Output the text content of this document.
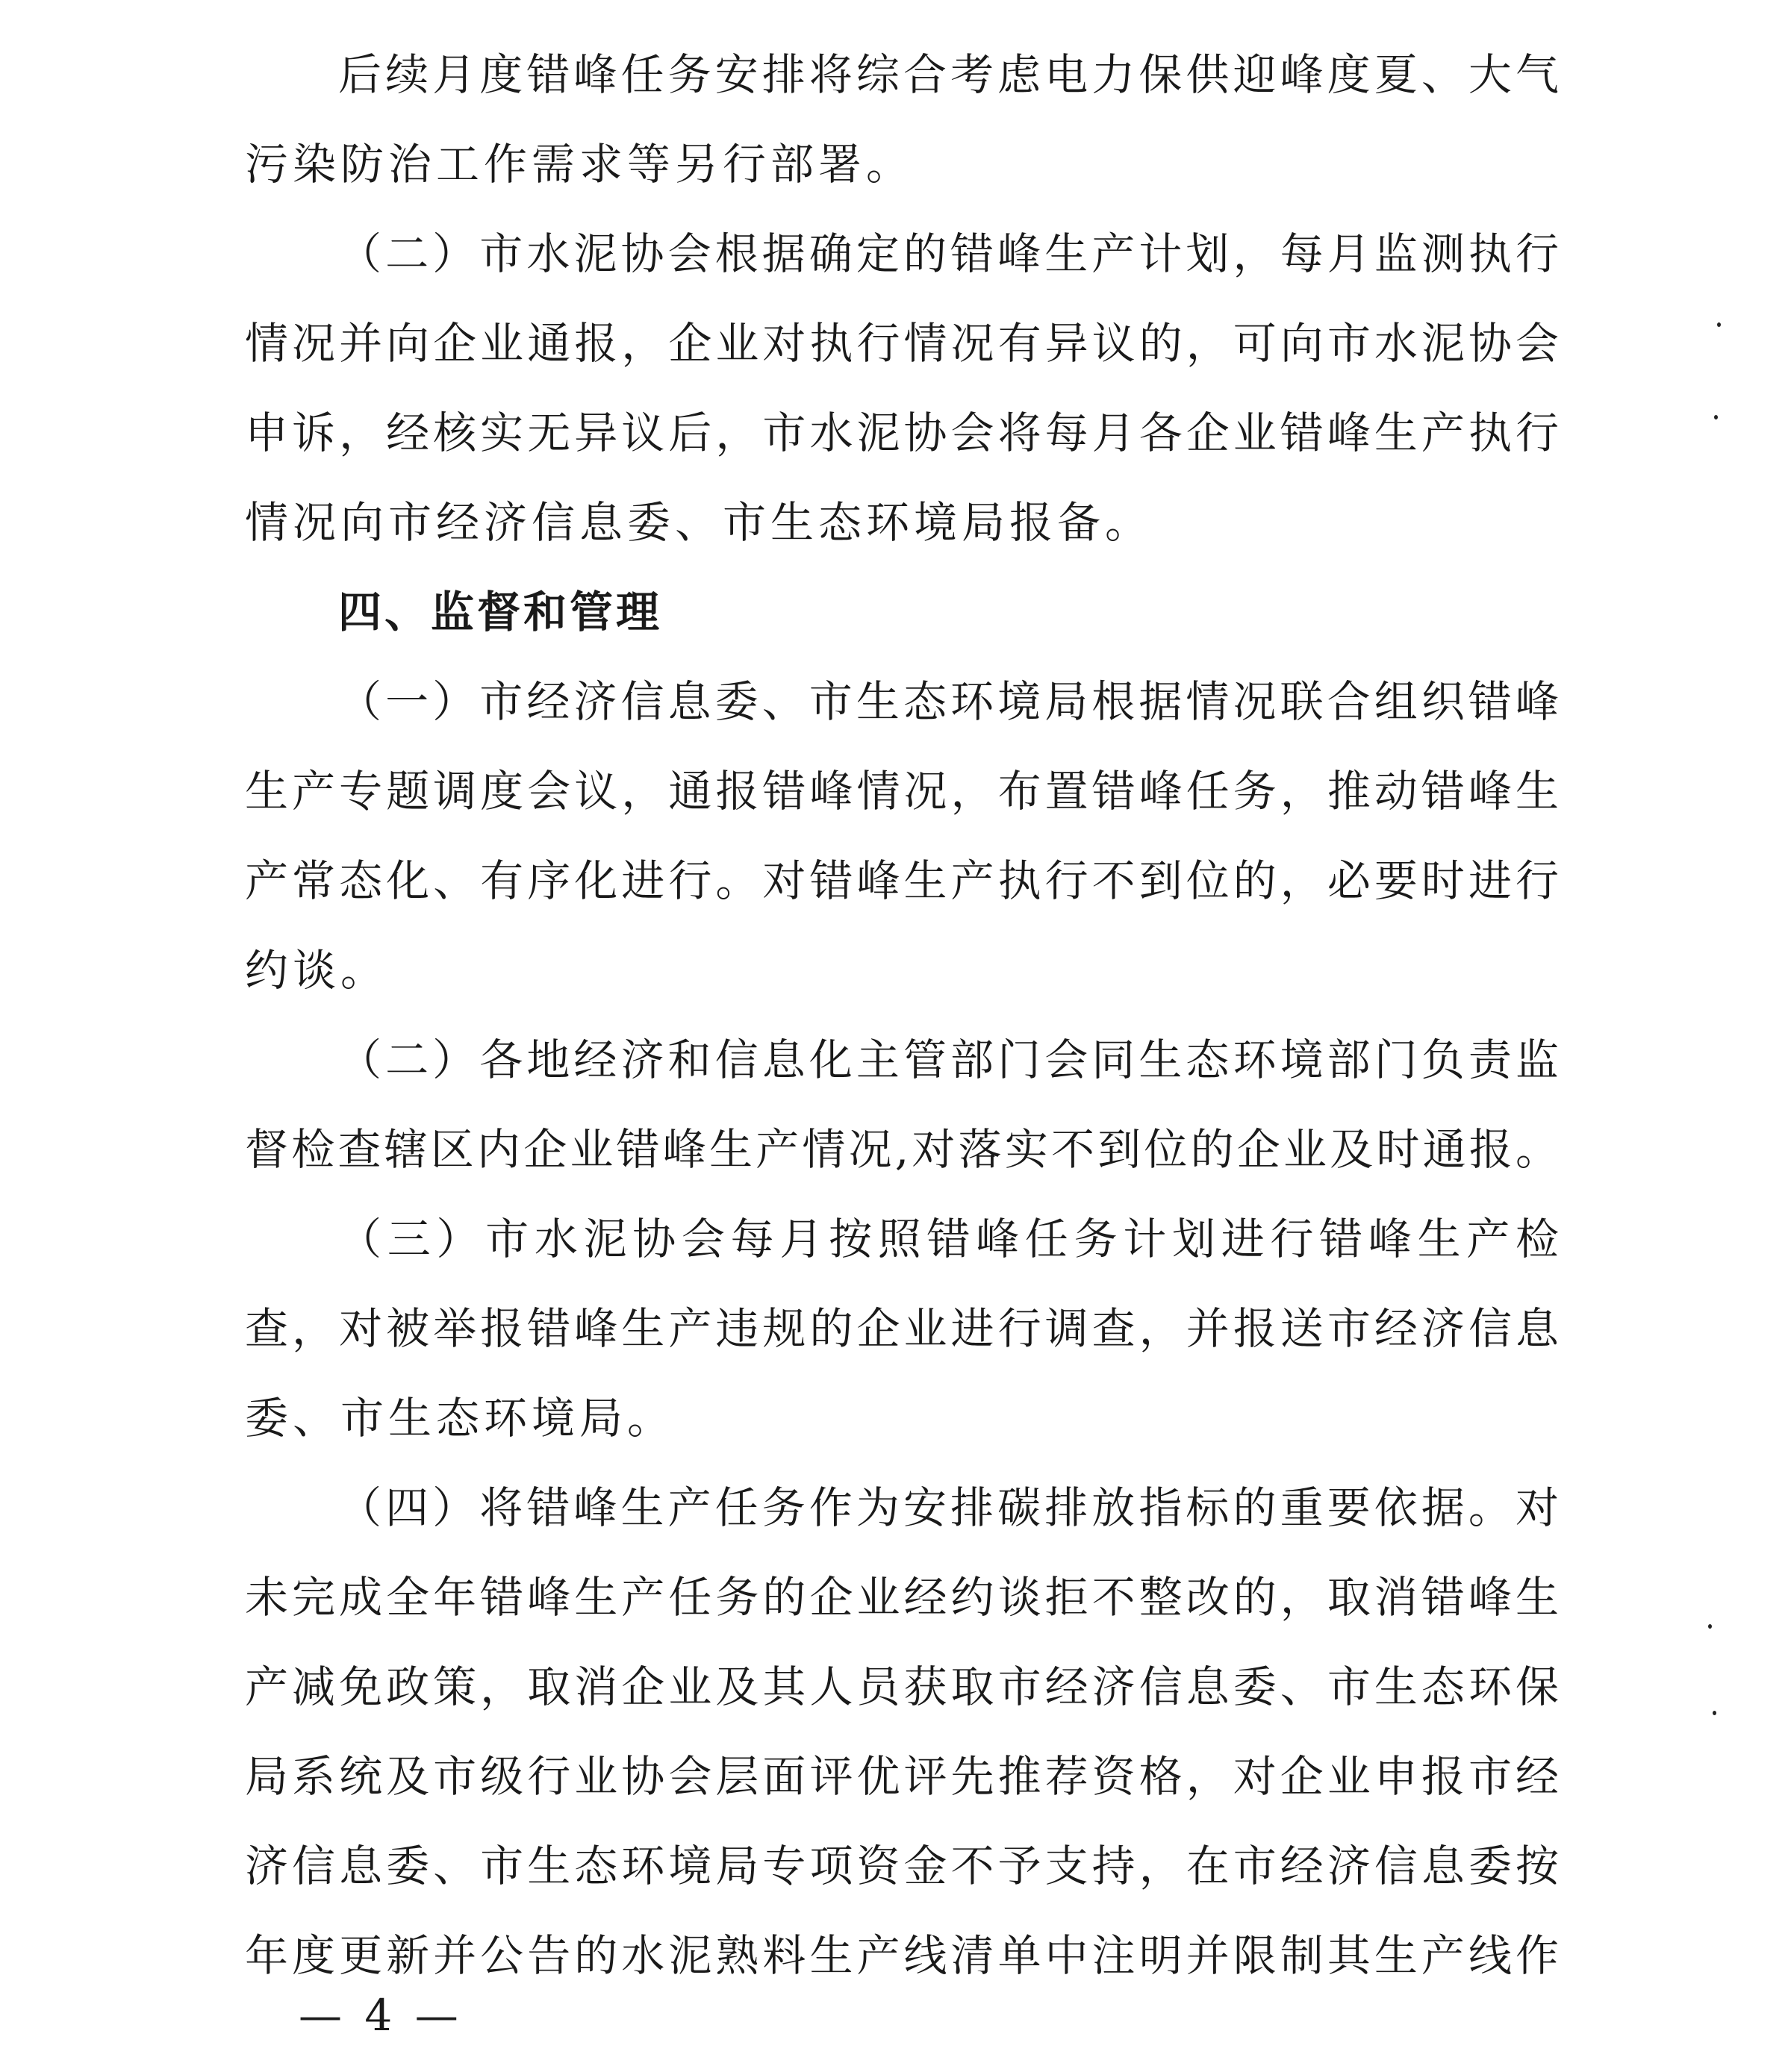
后续月度错峰任务安排将综合考虑电力保供迎峰度夏、大气
污染防治工作需求等另行部署。
（二）市水泥协会根据确定的错峰生产计划，每月监测执行
情况并向企业通报，企业对执行情况有异议的，可向市水泥协会
申诉，经核实无异议后，市水泥协会将每月各企业错峰生产执行
情况向市经济信息委、市生态环境局报备。
四、监督和管理
（一）市经济信息委、市生态环境局根据情况联合组织错峰
生产专题调度会议，通报错峰情况，布置错峰任务，推动错峰生
产常态化、有序化进行。对错峰生产执行不到位的，必要时进行
约谈。
（二）各地经济和信息化主管部门会同生态环境部门负责监
督检查辖区内企业错峰生产情况,对落实不到位的企业及时通报。
（三）市水泥协会每月按照错峰任务计划进行错峰生产检
查，对被举报错峰生产违规的企业进行调查，并报送市经济信息
委、市生态环境局。
（四）将错峰生产任务作为安排碳排放指标的重要依据。对
未完成全年错峰生产任务的企业经约谈拒不整改的，取消错峰生
产减免政策，取消企业及其人员获取市经济信息委、市生态环保
局系统及市级行业协会层面评优评先推荐资格，对企业申报市经
济信息委、市生态环境局专项资金不予支持，在市经济信息委按
年度更新并公告的水泥熟料生产线清单中注明并限制其生产线作
— 4 —
